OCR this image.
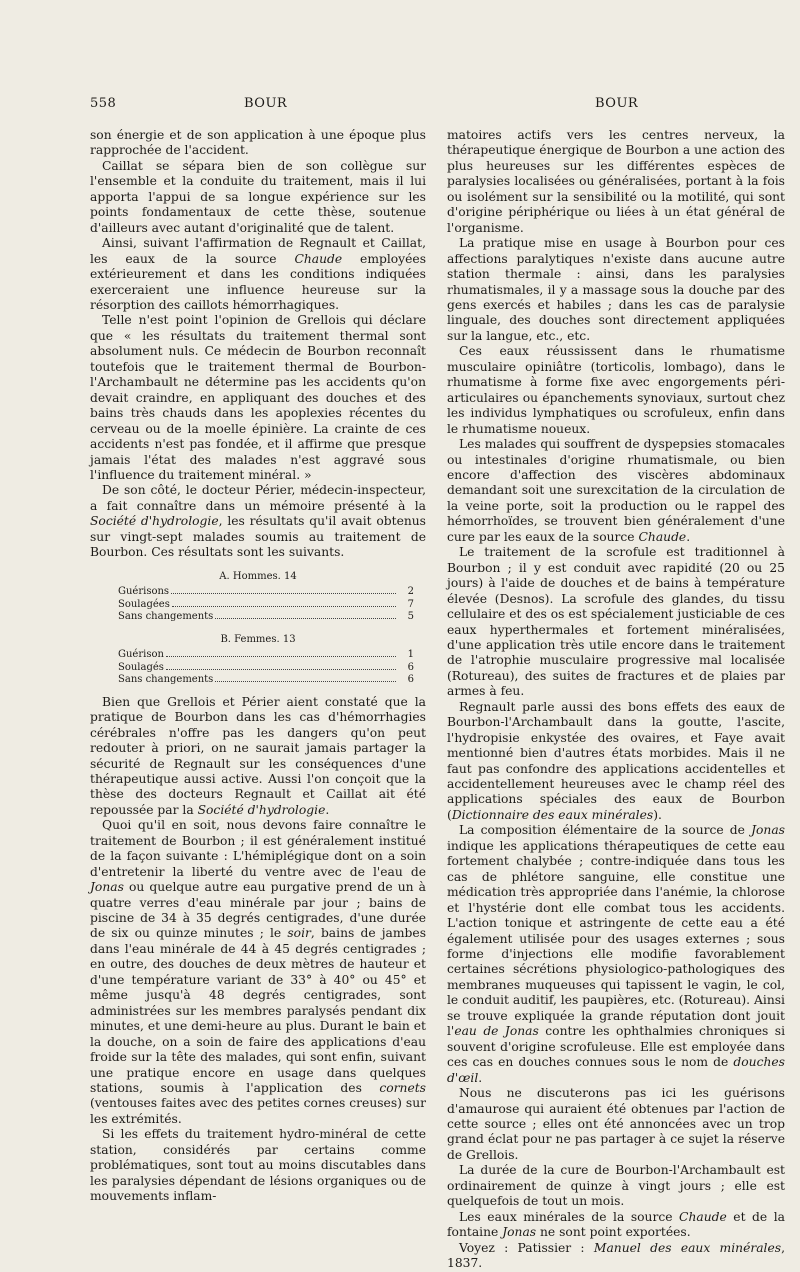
558	BOUR	BOUR

son énergie et de son application à une époque plus rapprochée de l'accident.

Caillat se sépara bien de son collègue sur l'ensemble et la conduite du traitement, mais il lui apporta l'appui de sa longue expérience sur les points fondamentaux de cette thèse, soutenue d'ailleurs avec autant d'originalité que de talent.

Ainsi, suivant l'affirmation de Regnault et Caillat, les eaux de la source Chaude employées extérieurement et dans les conditions indiquées exerceraient une influence heureuse sur la résorption des caillots hémorrhagiques.

Telle n'est point l'opinion de Grellois qui déclare que « les résultats du traitement thermal sont absolument nuls. Ce médecin de Bourbon reconnaît toutefois que le traitement thermal de Bourbon-l'Archambault ne détermine pas les accidents qu'on devait craindre, en appliquant des douches et des bains très chauds dans les apoplexies récentes du cerveau ou de la moelle épinière. La crainte de ces accidents n'est pas fondée, et il affirme que presque jamais l'état des malades n'est aggravé sous l'influence du traitement minéral. »

De son côté, le docteur Périer, médecin-inspecteur, a fait connaître dans un mémoire présenté à la Société d'hydrologie, les résultats qu'il avait obtenus sur vingt-sept malades soumis au traitement de Bourbon. Ces résultats sont les suivants.

A. Hommes. 14
Guérisons	2
Soulagées	7
Sans changements	5
B. Femmes. 13
Guérison	1
Soulagés	6
Sans changements	6

Bien que Grellois et Périer aient constaté que la pratique de Bourbon dans les cas d'hémorrhagies cérébrales n'offre pas les dangers qu'on peut redouter à priori, on ne saurait jamais partager la sécurité de Regnault sur les conséquences d'une thérapeutique aussi active. Aussi l'on conçoit que la thèse des docteurs Regnault et Caillat ait été repoussée par la Société d'hydrologie.

Quoi qu'il en soit, nous devons faire connaître le traitement de Bourbon ; il est généralement institué de la façon suivante : L'hémiplégique dont on a soin d'entretenir la liberté du ventre avec de l'eau de Jonas ou quelque autre eau purgative prend de un à quatre verres d'eau minérale par jour ; bains de piscine de 34 à 35 degrés centigrades, d'une durée de six ou quinze minutes ; le soir, bains de jambes dans l'eau minérale de 44 à 45 degrés centigrades ; en outre, des douches de deux mètres de hauteur et d'une température variant de 33° à 40° ou 45° et même jusqu'à 48 degrés centigrades, sont administrées sur les membres paralysés pendant dix minutes, et une demi-heure au plus. Durant le bain et la douche, on a soin de faire des applications d'eau froide sur la tête des malades, qui sont enfin, suivant une pratique encore en usage dans quelques stations, soumis à l'application des cornets (ventouses faites avec des petites cornes creuses) sur les extrémités.

Si les effets du traitement hydro-minéral de cette station, considérés par certains comme problématiques, sont tout au moins discutables dans les paralysies dépendant de lésions organiques ou de mouvements inflam-

matoires actifs vers les centres nerveux, la thérapeutique énergique de Bourbon a une action des plus heureuses sur les différentes espèces de paralysies localisées ou généralisées, portant à la fois ou isolément sur la sensibilité ou la motilité, qui sont d'origine périphérique ou liées à un état général de l'organisme.

La pratique mise en usage à Bourbon pour ces affections paralytiques n'existe dans aucune autre station thermale : ainsi, dans les paralysies rhumatismales, il y a massage sous la douche par des gens exercés et habiles ; dans les cas de paralysie linguale, des douches sont directement appliquées sur la langue, etc., etc.

Ces eaux réussissent dans le rhumatisme musculaire opiniâtre (torticolis, lombago), dans le rhumatisme à forme fixe avec engorgements péri-articulaires ou épanchements synoviaux, surtout chez les individus lymphatiques ou scrofuleux, enfin dans le rhumatisme noueux.

Les malades qui souffrent de dyspepsies stomacales ou intestinales d'origine rhumatismale, ou bien encore d'affection des viscères abdominaux demandant soit une surexcitation de la circulation de la veine porte, soit la production ou le rappel des hémorrhoïdes, se trouvent bien généralement d'une cure par les eaux de la source Chaude.

Le traitement de la scrofule est traditionnel à Bourbon ; il y est conduit avec rapidité (20 ou 25 jours) à l'aide de douches et de bains à température élevée (Desnos). La scrofule des glandes, du tissu cellulaire et des os est spécialement justiciable de ces eaux hyperthermales et fortement minéralisées, d'une application très utile encore dans le traitement de l'atrophie musculaire progressive mal localisée (Rotureau), des suites de fractures et de plaies par armes à feu.

Regnault parle aussi des bons effets des eaux de Bourbon-l'Archambault dans la goutte, l'ascite, l'hydropisie enkystée des ovaires, et Faye avait mentionné bien d'autres états morbides. Mais il ne faut pas confondre des applications accidentelles et accidentellement heureuses avec le champ réel des applications spéciales des eaux de Bourbon (Dictionnaire des eaux minérales).

La composition élémentaire de la source de Jonas indique les applications thérapeutiques de cette eau fortement chalybée ; contre-indiquée dans tous les cas de phlétore sanguine, elle constitue une médication très appropriée dans l'anémie, la chlorose et l'hystérie dont elle combat tous les accidents. L'action tonique et astringente de cette eau a été également utilisée pour des usages externes ; sous forme d'injections elle modifie favorablement certaines sécrétions physiologico-pathologiques des membranes muqueuses qui tapissent le vagin, le col, le conduit auditif, les paupières, etc. (Rotureau). Ainsi se trouve expliquée la grande réputation dont jouit l'eau de Jonas contre les ophthalmies chroniques si souvent d'origine scrofuleuse. Elle est employée dans ces cas en douches connues sous le nom de douches d'œil.

Nous ne discuterons pas ici les guérisons d'amaurose qui auraient été obtenues par l'action de cette source ; elles ont été annoncées avec un trop grand éclat pour ne pas partager à ce sujet la réserve de Grellois.

La durée de la cure de Bourbon-l'Archambault est ordinairement de quinze à vingt jours ; elle est quelquefois de tout un mois.

Les eaux minérales de la source Chaude et de la fontaine Jonas ne sont point exportées.

Voyez : Patissier : Manuel des eaux minérales, 1837.
